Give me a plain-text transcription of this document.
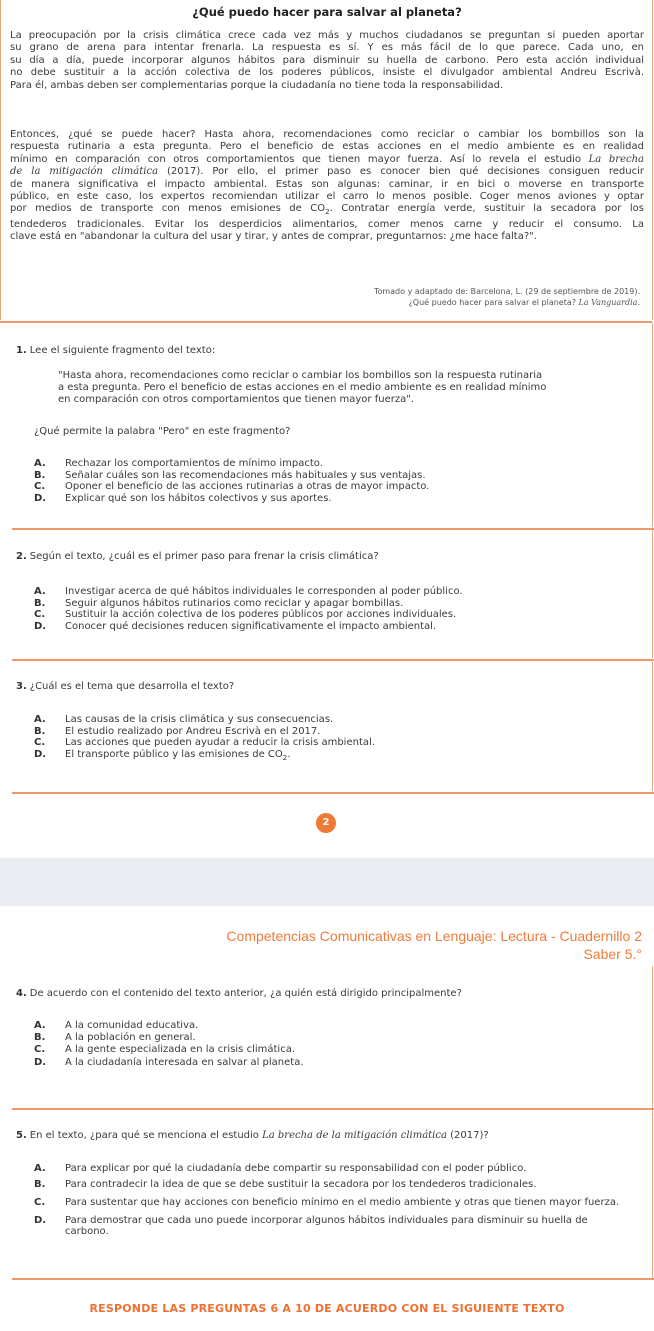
¿Qué puedo hacer para salvar al planeta?
La preocupación por la crisis climática crece cada vez más y muchos ciudadanos se preguntan si pueden aportar
su grano de arena para intentar frenarla. La respuesta es sí. Y es más fácil de lo que parece. Cada uno, en
su día a día, puede incorporar algunos hábitos para disminuir su huella de carbono. Pero esta acción individual
no debe sustituir a la acción colectiva de los poderes públicos, insiste el divulgador ambiental Andreu Escrivà.
Para él, ambas deben ser complementarias porque la ciudadanía no tiene toda la responsabilidad.
Entonces, ¿qué se puede hacer? Hasta ahora, recomendaciones como reciclar o cambiar los bombillos son la
respuesta rutinaria a esta pregunta. Pero el beneficio de estas acciones en el medio ambiente es en realidad
mínimo en comparación con otros comportamientos que tienen mayor fuerza. Así lo revela el estudio La brecha
de la mitigación climática (2017). Por ello, el primer paso es conocer bien qué decisiones consiguen reducir
de manera significativa el impacto ambiental. Estas son algunas: caminar, ir en bici o moverse en transporte
público, en este caso, los expertos recomiendan utilizar el carro lo menos posible. Coger menos aviones y optar
por medios de transporte con menos emisiones de $CO_2$. Contratar energía verde, sustituir la secadora por los
tendederos tradicionales. Evitar los desperdicios alimentarios, comer menos carne y reducir el consumo. La
clave está en "abandonar la cultura del usar y tirar, y antes de comprar, preguntarnos: ¿me hace falta?".
Tomado y adaptado de: Barcelona, L. (29 de septiembre de 2019).
¿Qué puedo hacer para salvar el planeta? La Vanguardia.
1. Lee el siguiente fragmento del texto:
"Hasta ahora, recomendaciones como reciclar o cambiar los bombillos son la respuesta rutinaria
a esta pregunta. Pero el beneficio de estas acciones en el medio ambiente es en realidad mínimo
en comparación con otros comportamientos que tienen mayor fuerza".
¿Qué permite la palabra "Pero" en este fragmento?
A.	Rechazar los comportamientos de mínimo impacto.
B.	Señalar cuáles son las recomendaciones más habituales y sus ventajas.
C.	Oponer el beneficio de las acciones rutinarias a otras de mayor impacto.
D.	Explicar qué son los hábitos colectivos y sus aportes.
2. Según el texto, ¿cuál es el primer paso para frenar la crisis climática?
A.	Investigar acerca de qué hábitos individuales le corresponden al poder público.
B.	Seguir algunos hábitos rutinarios como reciclar y apagar bombillas.
C.	Sustituir la acción colectiva de los poderes públicos por acciones individuales.
D.	Conocer qué decisiones reducen significativamente el impacto ambiental.
3. ¿Cuál es el tema que desarrolla el texto?
A.	Las causas de la crisis climática y sus consecuencias.
B.	El estudio realizado por Andreu Escrivà en el 2017.
C.	Las acciones que pueden ayudar a reducir la crisis ambiental.
D.	El transporte público y las emisiones de $CO_2$.
2
Competencias Comunicativas en Lenguaje: Lectura - Cuadernillo 2
Saber 5.°
4. De acuerdo con el contenido del texto anterior, ¿a quién está dirigido principalmente?
A.	A la comunidad educativa.
B.	A la población en general.
C.	A la gente especializada en la crisis climática.
D.	A la ciudadanía interesada en salvar al planeta.
5. En el texto, ¿para qué se menciona el estudio La brecha de la mitigación climática (2017)?
A.	Para explicar por qué la ciudadanía debe compartir su responsabilidad con el poder público.
B.	Para contradecir la idea de que se debe sustituir la secadora por los tendederos tradicionales.
C.	Para sustentar que hay acciones con beneficio mínimo en el medio ambiente y otras que tienen mayor fuerza.
D.	Para demostrar que cada uno puede incorporar algunos hábitos individuales para disminuir su huella de carbono.
RESPONDE LAS PREGUNTAS 6 A 10 DE ACUERDO CON EL SIGUIENTE TEXTO
